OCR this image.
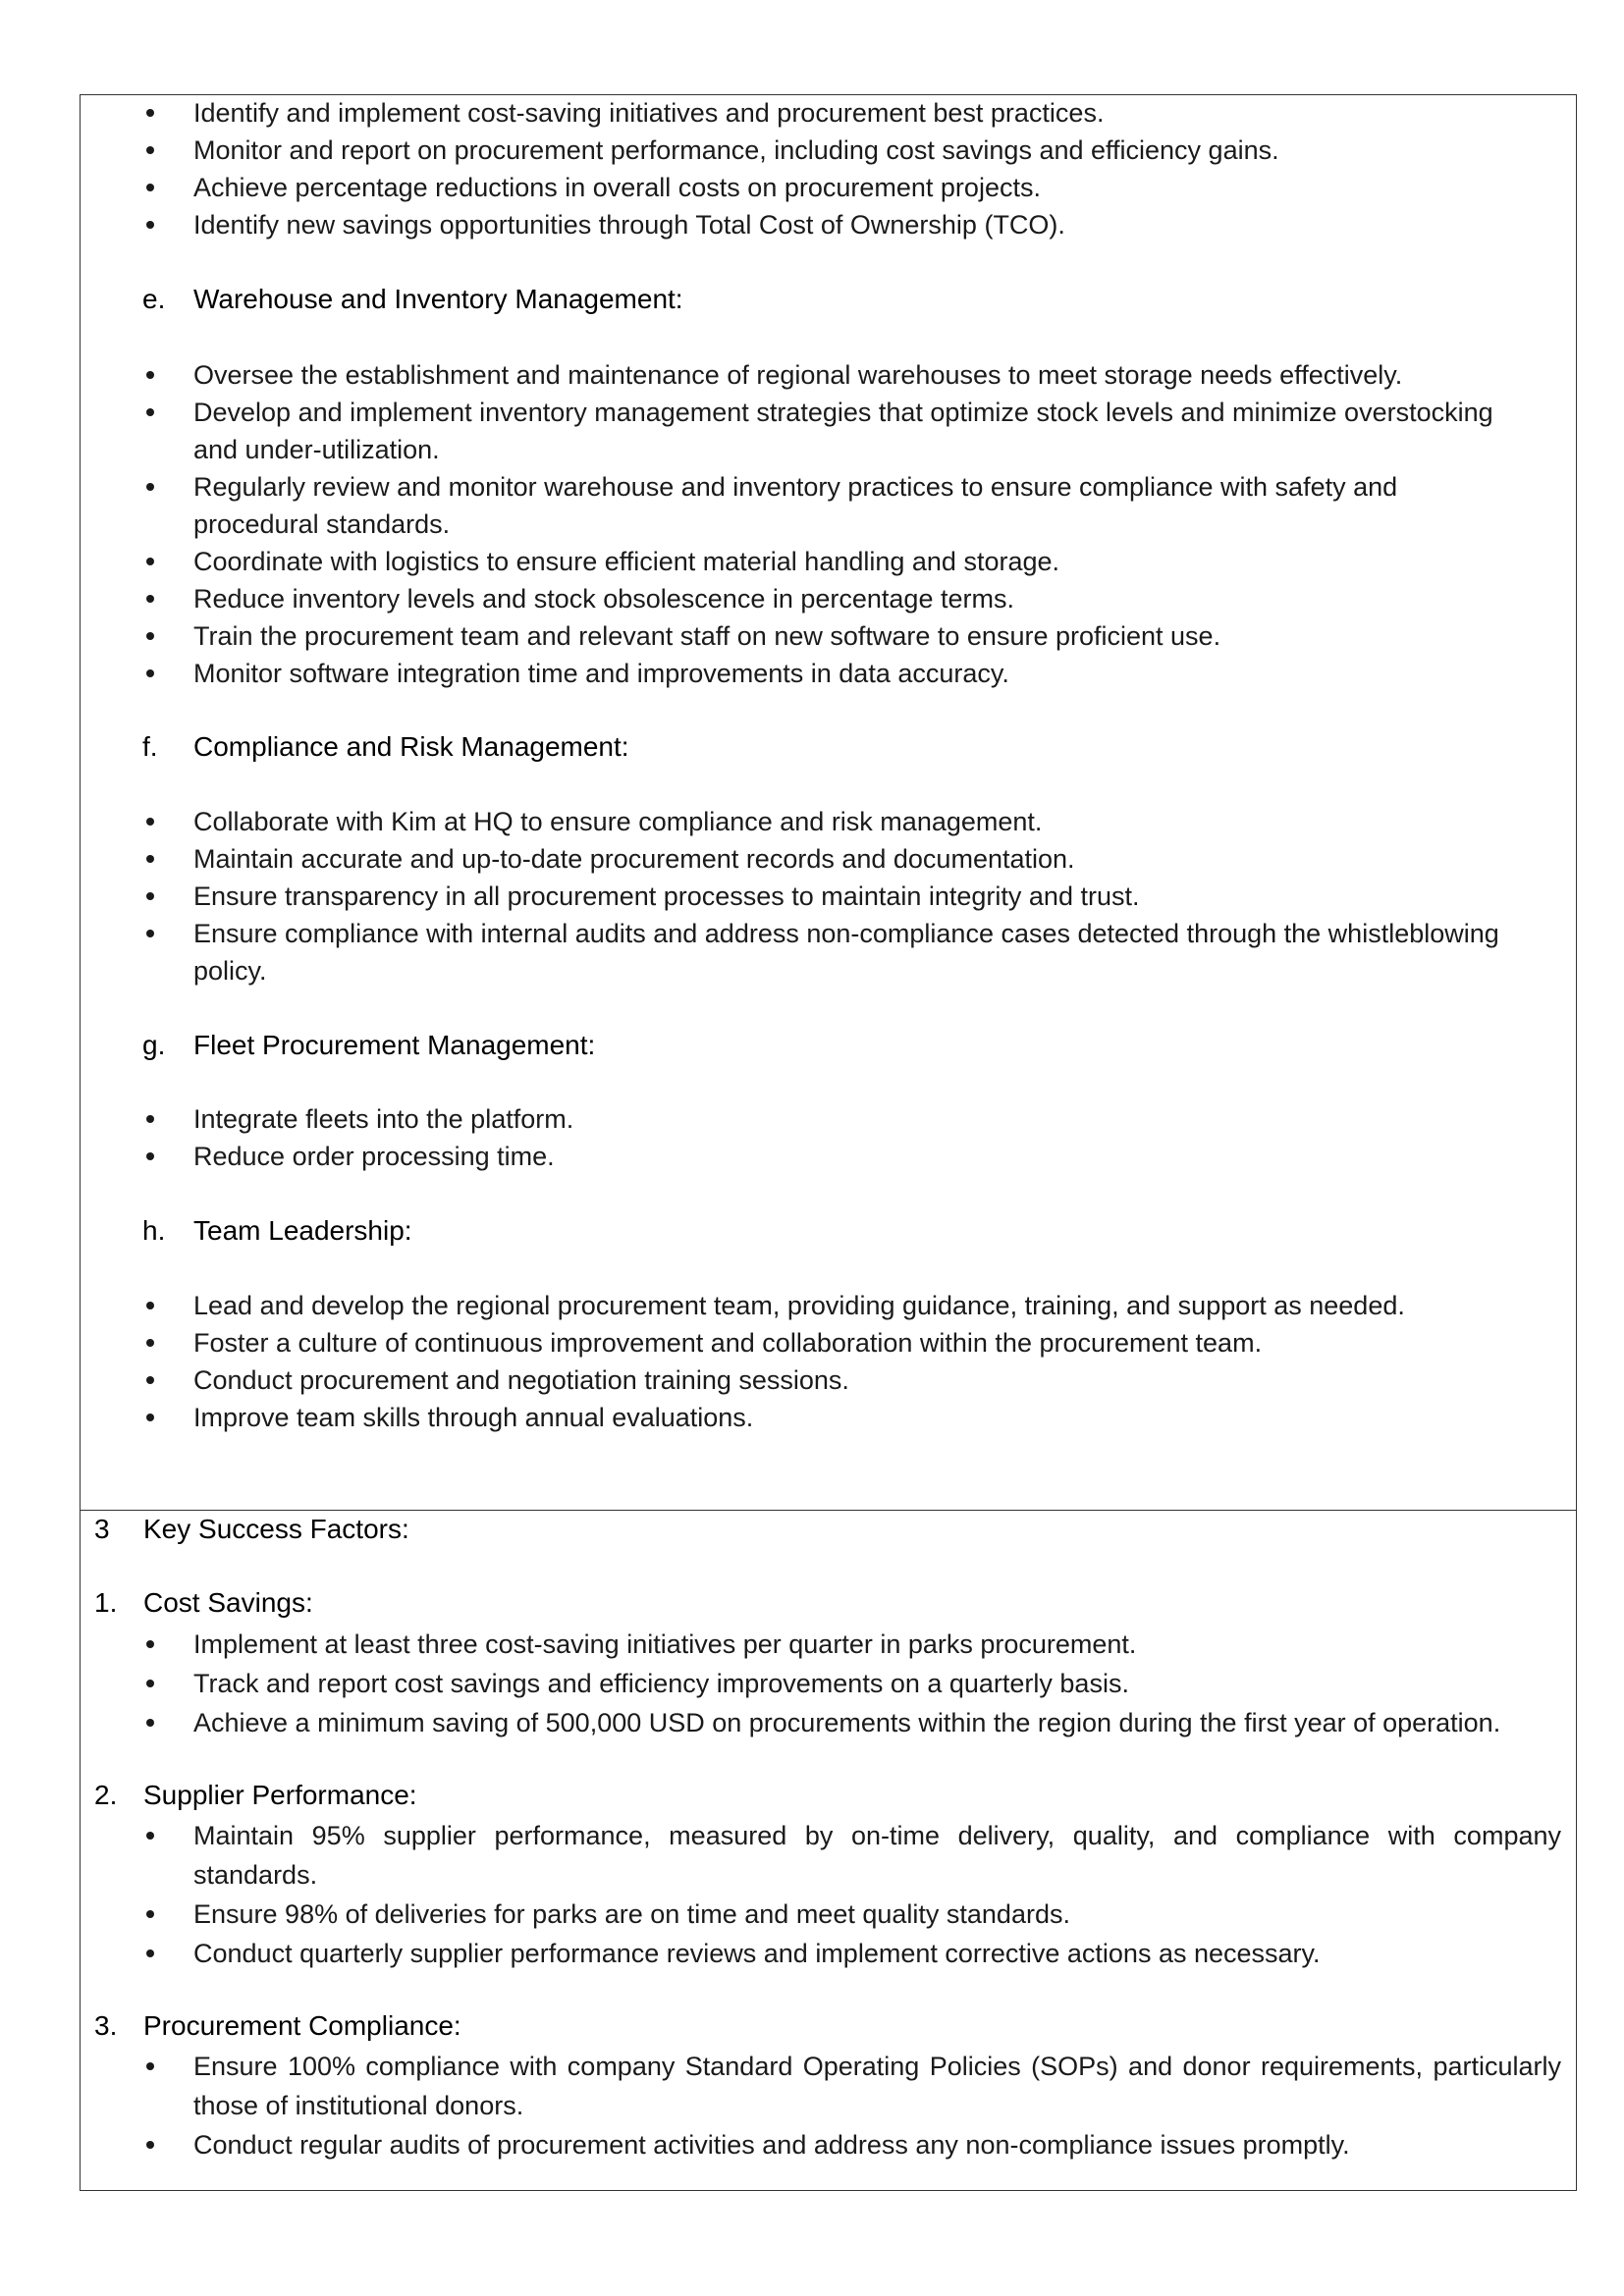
Identify and implement cost-saving initiatives and procurement best practices.
Monitor and report on procurement performance, including cost savings and efficiency gains.
Achieve percentage reductions in overall costs on procurement projects.
Identify new savings opportunities through Total Cost of Ownership (TCO).
e. Warehouse and Inventory Management:
Oversee the establishment and maintenance of regional warehouses to meet storage needs effectively.
Develop and implement inventory management strategies that optimize stock levels and minimize overstocking
and under-utilization.
Regularly review and monitor warehouse and inventory practices to ensure compliance with safety and
procedural standards.
Coordinate with logistics to ensure efficient material handling and storage.
Reduce inventory levels and stock obsolescence in percentage terms.
Train the procurement team and relevant staff on new software to ensure proficient use.
Monitor software integration time and improvements in data accuracy.
f. Compliance and Risk Management:
Collaborate with Kim at HQ to ensure compliance and risk management.
Maintain accurate and up-to-date procurement records and documentation.
Ensure transparency in all procurement processes to maintain integrity and trust.
Ensure compliance with internal audits and address non-compliance cases detected through the whistleblowing
policy.
g. Fleet Procurement Management:
Integrate fleets into the platform.
Reduce order processing time.
h. Team Leadership:
Lead and develop the regional procurement team, providing guidance, training, and support as needed.
Foster a culture of continuous improvement and collaboration within the procurement team.
Conduct procurement and negotiation training sessions.
Improve team skills through annual evaluations.
3 Key Success Factors:
1. Cost Savings:
Implement at least three cost-saving initiatives per quarter in parks procurement.
Track and report cost savings and efficiency improvements on a quarterly basis.
Achieve a minimum saving of 500,000 USD on procurements within the region during the first year of operation.
2. Supplier Performance:
Maintain 95% supplier performance, measured by on-time delivery, quality, and compliance with company
standards.
Ensure 98% of deliveries for parks are on time and meet quality standards.
Conduct quarterly supplier performance reviews and implement corrective actions as necessary.
3. Procurement Compliance:
Ensure 100% compliance with company Standard Operating Policies (SOPs) and donor requirements, particularly
those of institutional donors.
Conduct regular audits of procurement activities and address any non-compliance issues promptly.
